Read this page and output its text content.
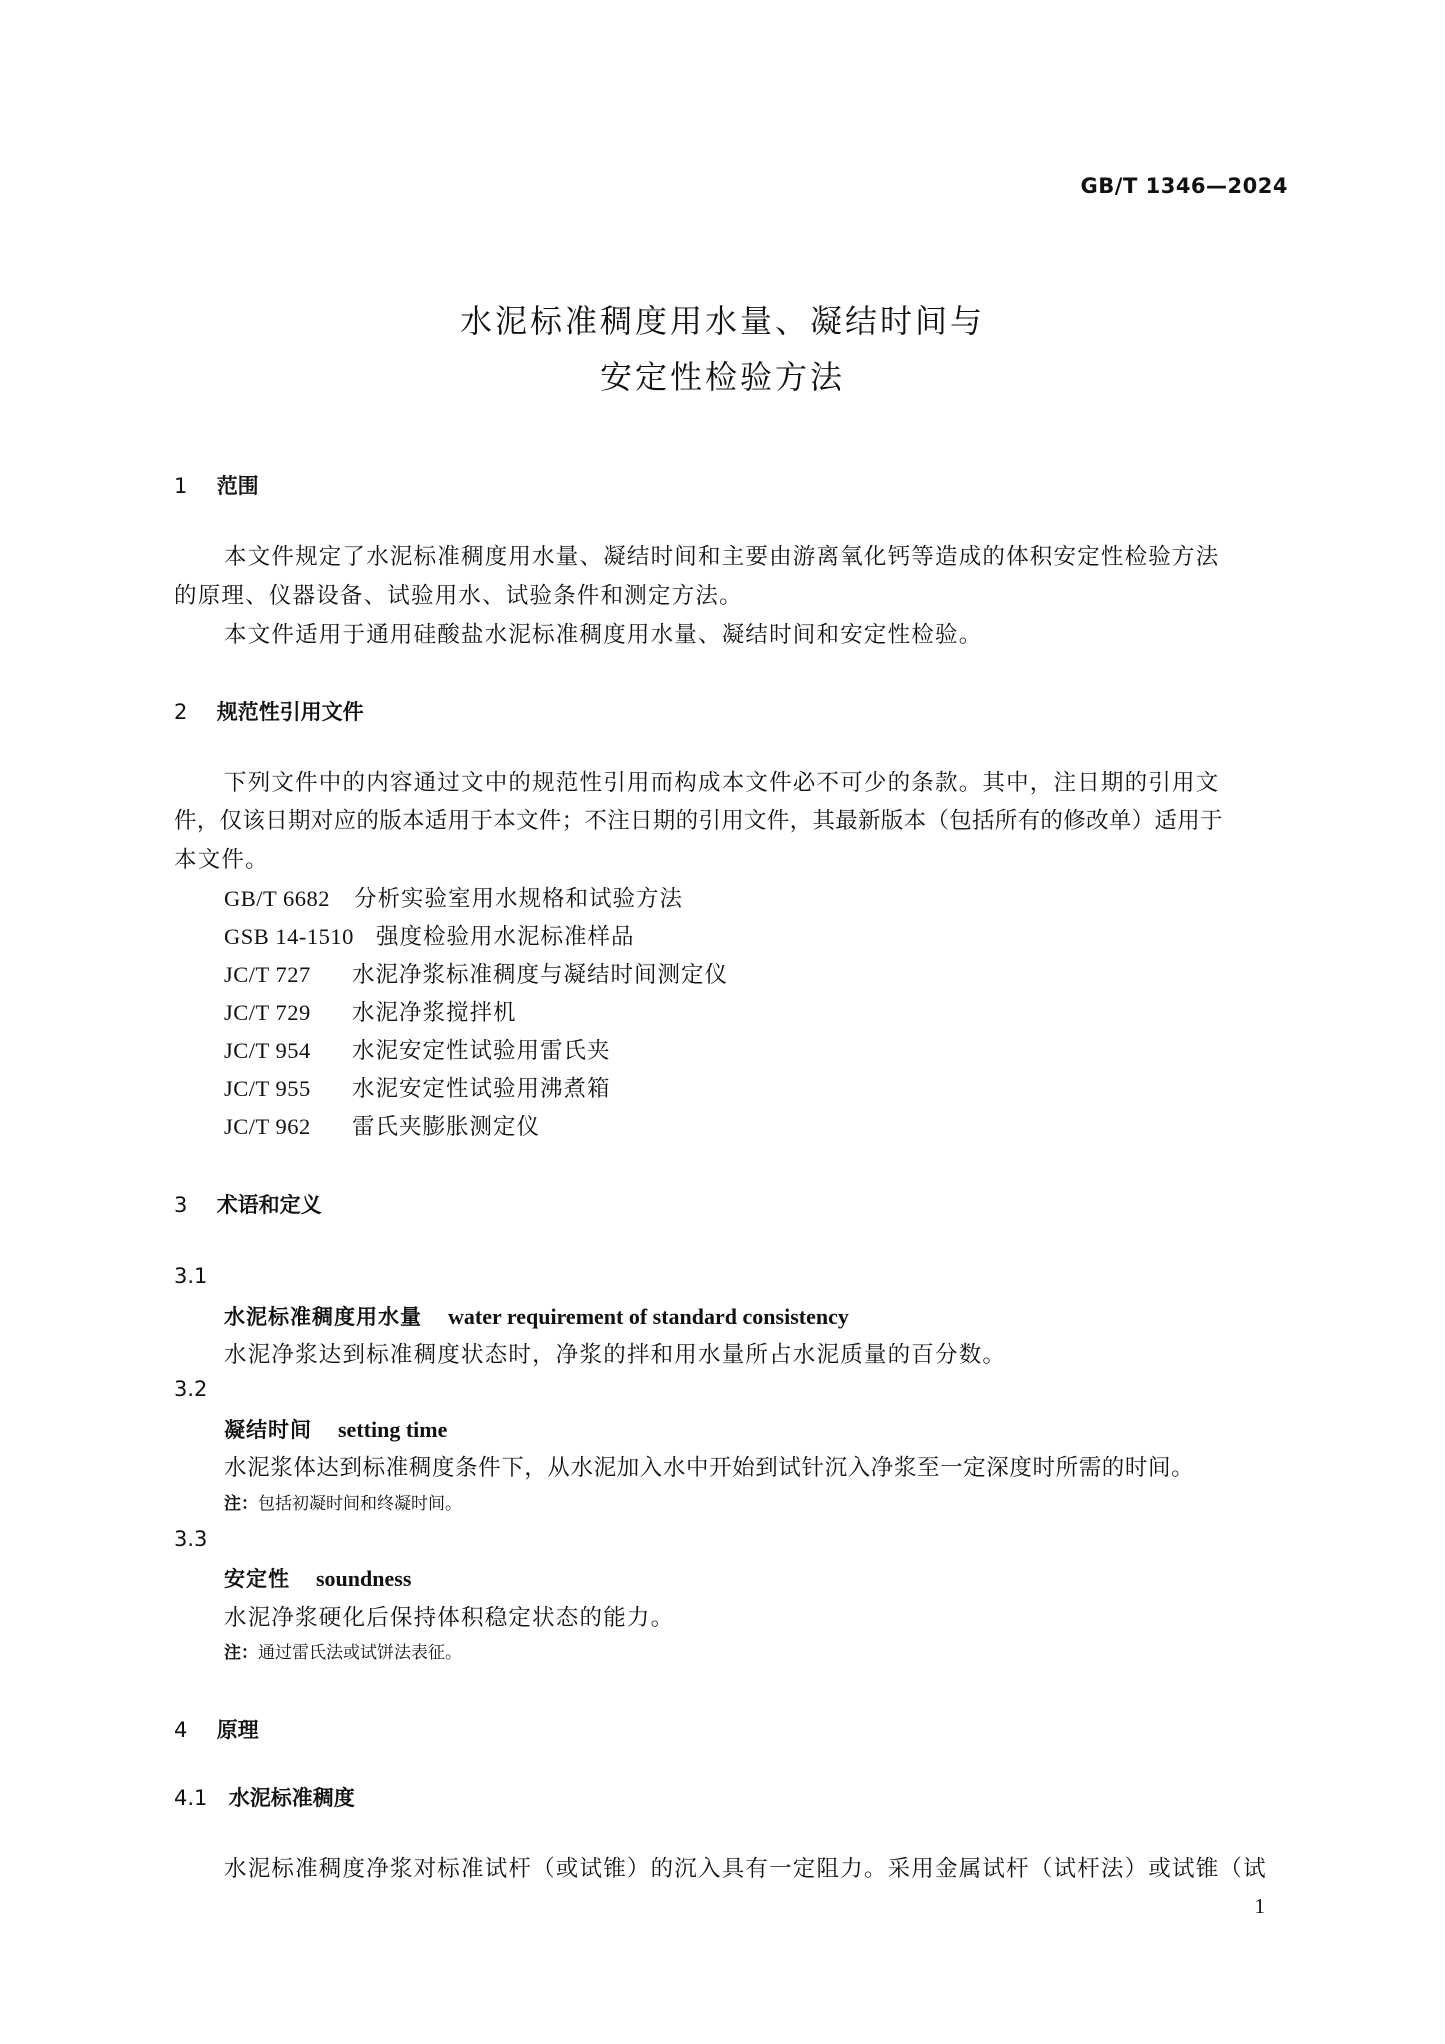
GB/T 1346—2024
水泥标准稠度用水量、凝结时间与
安定性检验方法
1 范围
本文件规定了水泥标准稠度用水量、凝结时间和主要由游离氧化钙等造成的体积安定性检验方法
的原理、仪器设备、试验用水、试验条件和测定方法。
本文件适用于通用硅酸盐水泥标准稠度用水量、凝结时间和安定性检验。
2 规范性引用文件
下列文件中的内容通过文中的规范性引用而构成本文件必不可少的条款。其中，注日期的引用文
件，仅该日期对应的版本适用于本文件；不注日期的引用文件，其最新版本（包括所有的修改单）适用于
本文件。
GB/T 6682 分析实验室用水规格和试验方法
GSB 14-1510 强度检验用水泥标准样品
JC/T 727 水泥净浆标准稠度与凝结时间测定仪
JC/T 729 水泥净浆搅拌机
JC/T 954 水泥安定性试验用雷氏夹
JC/T 955 水泥安定性试验用沸煮箱
JC/T 962 雷氏夹膨胀测定仪
3 术语和定义
3.1
水泥标准稠度用水量 water requirement of standard consistency
水泥净浆达到标准稠度状态时，净浆的拌和用水量所占水泥质量的百分数。
3.2
凝结时间 setting time
水泥浆体达到标准稠度条件下，从水泥加入水中开始到试针沉入净浆至一定深度时所需的时间。
注：包括初凝时间和终凝时间。
3.3
安定性 soundness
水泥净浆硬化后保持体积稳定状态的能力。
注：通过雷氏法或试饼法表征。
4 原理
4.1 水泥标准稠度
水泥标准稠度净浆对标准试杆（或试锥）的沉入具有一定阻力。采用金属试杆（试杆法）或试锥（试
1
